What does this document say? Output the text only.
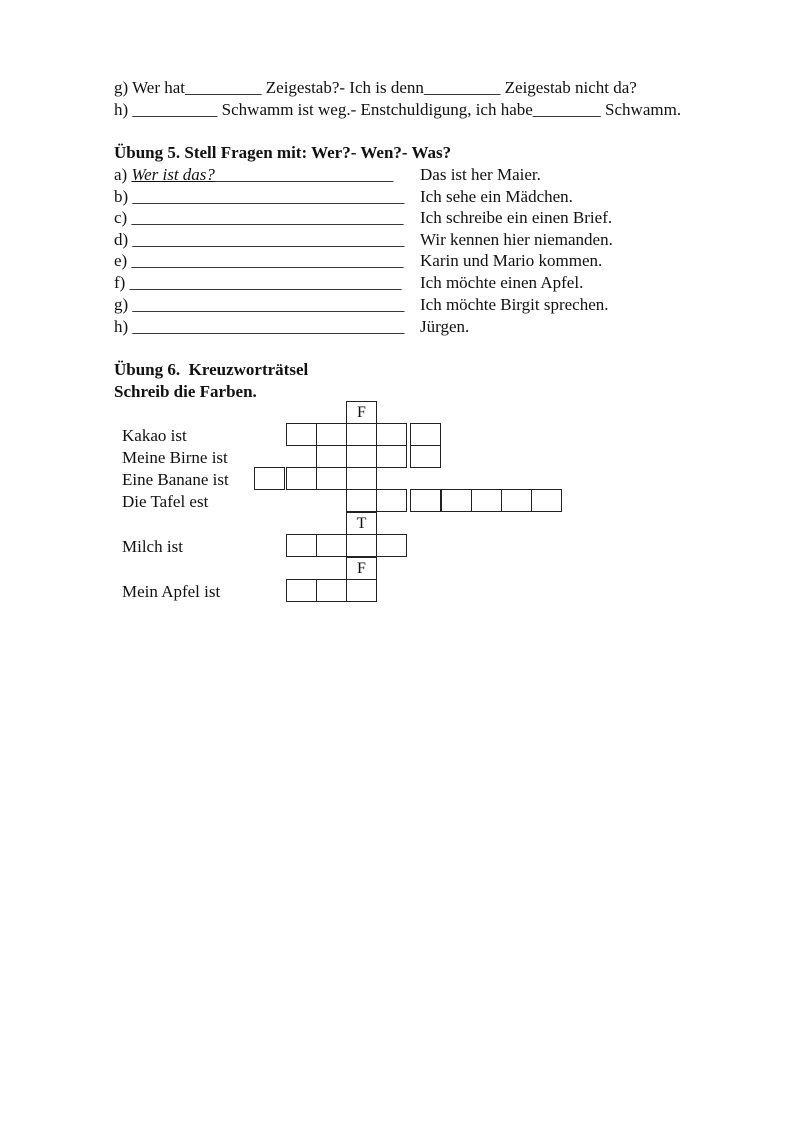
g) Wer hat_________ Zeigestab?- Ich is denn_________ Zeigestab nicht da?
h) __________ Schwamm ist weg.- Enstchuldigung, ich habe________ Schwamm.
Übung 5. Stell Fragen mit: Wer?- Wen?- Was?
a) Wer ist das?_____________________ Das ist her Maier.
b) ________________________________ Ich sehe ein Mädchen.
c) ________________________________ Ich schreibe ein einen Brief.
d) ________________________________ Wir kennen hier niemanden.
e) ________________________________ Karin und Mario kommen.
f) ________________________________ Ich möchte einen Apfel.
g) ________________________________ Ich möchte Birgit sprechen.
h) ________________________________ Jürgen.
Übung 6.  Kreuzworträtsel
Schreib die Farben.
Kakao ist
Meine Birne ist
Eine Banane ist
Die Tafel est
Milch ist
Mein Apfel ist
F
T
F
